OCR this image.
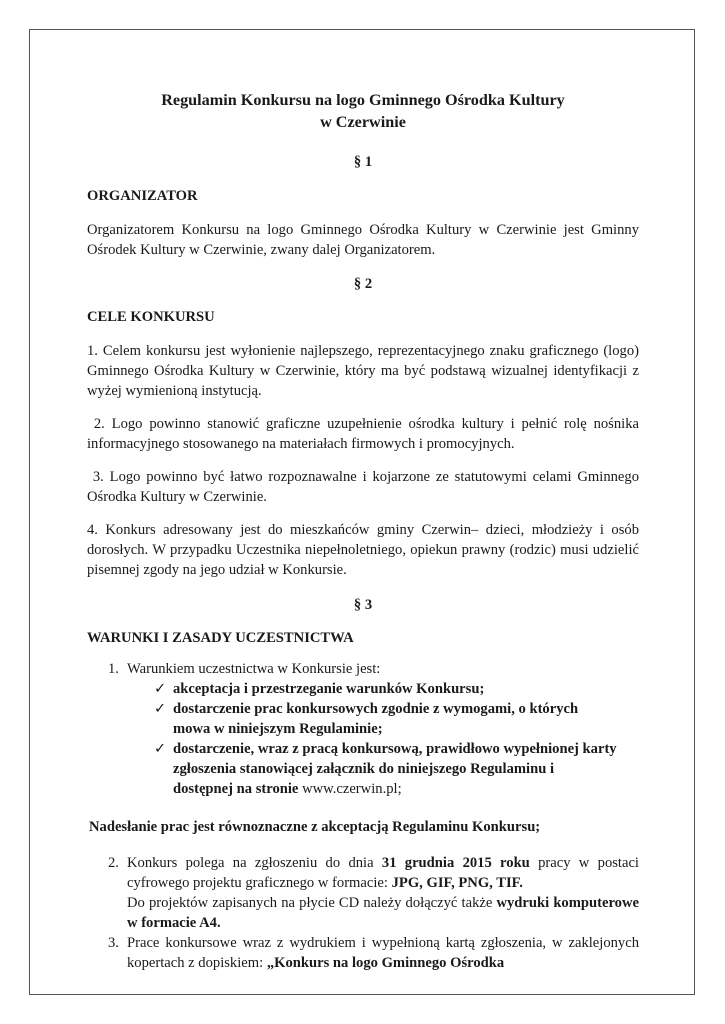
Regulamin Konkursu na logo Gminnego Ośrodka Kultury
w Czerwinie

§ 1

ORGANIZATOR

Organizatorem Konkursu na logo Gminnego Ośrodka Kultury w Czerwinie jest Gminny Ośrodek Kultury w Czerwinie, zwany dalej Organizatorem.

§ 2

CELE KONKURSU

1. Celem konkursu jest wyłonienie najlepszego, reprezentacyjnego znaku graficznego (logo) Gminnego Ośrodka Kultury w Czerwinie, który ma być podstawą wizualnej identyfikacji z wyżej wymienioną instytucją.

2. Logo powinno stanowić graficzne uzupełnienie ośrodka kultury i pełnić rolę nośnika informacyjnego stosowanego na materiałach firmowych i promocyjnych.

3. Logo powinno być łatwo rozpoznawalne i kojarzone ze statutowymi celami Gminnego Ośrodka Kultury w Czerwinie.

4. Konkurs adresowany jest do mieszkańców gminy Czerwin– dzieci, młodzieży i osób dorosłych. W przypadku Uczestnika niepełnoletniego, opiekun prawny (rodzic) musi udzielić pisemnej zgody na jego udział w Konkursie.

§ 3

WARUNKI I ZASADY UCZESTNICTWA

1. Warunkiem uczestnictwa w Konkursie jest:
✓ akceptacja i przestrzeganie warunków Konkursu;
✓ dostarczenie prac konkursowych zgodnie z wymogami, o których mowa w niniejszym Regulaminie;
✓ dostarczenie, wraz z pracą konkursową, prawidłowo wypełnionej karty zgłoszenia stanowiącej załącznik do niniejszego Regulaminu i dostępnej na stronie www.czerwin.pl;

Nadesłanie prac jest równoznaczne z akceptacją Regulaminu Konkursu;

2. Konkurs polega na zgłoszeniu do dnia 31 grudnia 2015 roku pracy w postaci cyfrowego projektu graficznego w formacie: JPG, GIF, PNG, TIF.
Do projektów zapisanych na płycie CD należy dołączyć także wydruki komputerowe w formacie A4.
3. Prace konkursowe wraz z wydrukiem i wypełnioną kartą zgłoszenia, w zaklejonych kopertach z dopiskiem: „Konkurs na logo Gminnego Ośrodka
